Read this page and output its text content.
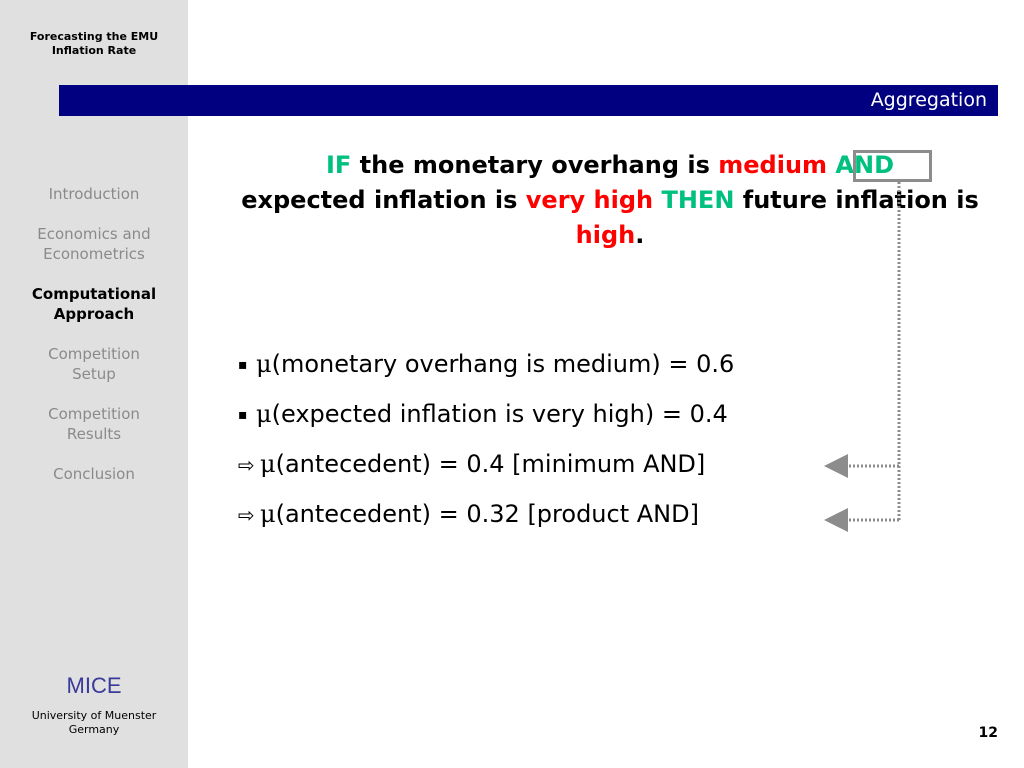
Forecasting the EMU
Inflation Rate
Introduction
Economics and
Econometrics
Computational
Approach
Competition
Setup
Competition
Results
Conclusion
MICE
University of Muenster
Germany
Aggregation
IF the monetary overhang is medium AND
expected inflation is very high THEN future inflation is high.
▪ μ(monetary overhang is medium) = 0.6
▪ μ(expected inflation is very high) = 0.4
⇨ μ(antecedent) = 0.4 [minimum AND]
⇨ μ(antecedent) = 0.32 [product AND]
12
